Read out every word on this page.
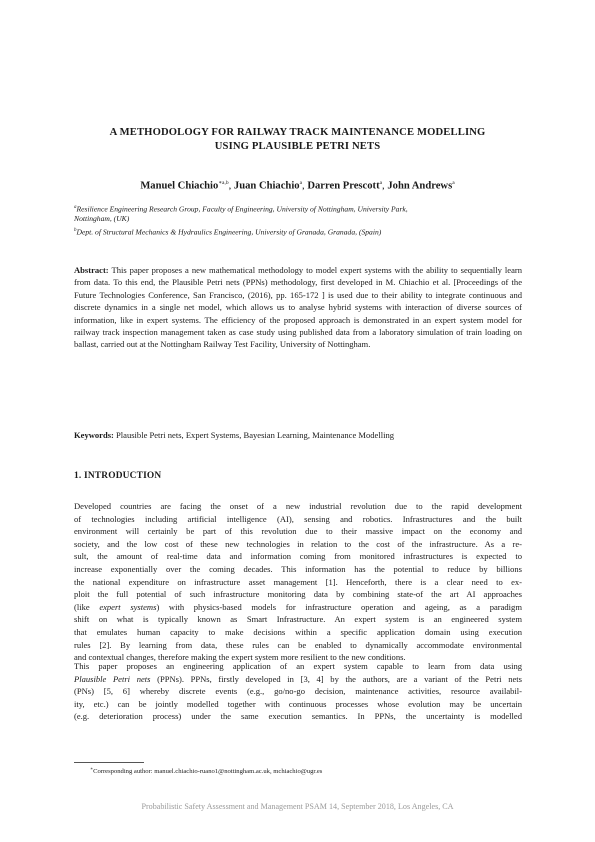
A METHODOLOGY FOR RAILWAY TRACK MAINTENANCE MODELLING
USING PLAUSIBLE PETRI NETS
Manuel Chiachio$^{∗a,b}$, Juan Chiachio$^a$, Darren Prescott$^a$, John Andrews$^a$
$^a$Resilience Engineering Research Group, Faculty of Engineering, University of Nottingham, University Park,
Nottingham, (UK)
$^b$Dept. of Structural Mechanics & Hydraulics Engineering, University of Granada, Granada, (Spain)
Abstract: This paper proposes a new mathematical methodology to model expert systems with the ability to sequentially learn from data. To this end, the Plausible Petri nets (PPNs) methodology, first developed in M. Chiachio et al. [Proceedings of the Future Technologies Conference, San Francisco, (2016), pp. 165-172 ] is used due to their ability to integrate continuous and discrete dynamics in a single net model, which allows us to analyse hybrid systems with interaction of diverse sources of information, like in expert systems. The efficiency of the proposed approach is demonstrated in an expert system model for railway track inspection management taken as case study using published data from a laboratory simulation of train loading on ballast, carried out at the Nottingham Railway Test Facility, University of Nottingham.
Keywords: Plausible Petri nets, Expert Systems, Bayesian Learning, Maintenance Modelling
1. INTRODUCTION
Developed countries are facing the onset of a new industrial revolution due to the rapid development
of technologies including artificial intelligence (AI), sensing and robotics. Infrastructures and the built
environment will certainly be part of this revolution due to their massive impact on the economy and
society, and the low cost of these new technologies in relation to the cost of the infrastructure. As a re-
sult, the amount of real-time data and information coming from monitored infrastructures is expected to
increase exponentially over the coming decades. This information has the potential to reduce by billions
the national expenditure on infrastructure asset management [1]. Henceforth, there is a clear need to ex-
ploit the full potential of such infrastructure monitoring data by combining state-of the art AI approaches
(like expert systems) with physics-based models for infrastructure operation and ageing, as a paradigm
shift on what is typically known as Smart Infrastructure. An expert system is an engineered system
that emulates human capacity to make decisions within a specific application domain using execution
rules [2]. By learning from data, these rules can be enabled to dynamically accommodate environmental
and contextual changes, therefore making the expert system more resilient to the new conditions.
This paper proposes an engineering application of an expert system capable to learn from data using
Plausible Petri nets (PPNs). PPNs, firstly developed in [3, 4] by the authors, are a variant of the Petri nets
(PNs) [5, 6] whereby discrete events (e.g., go/no-go decision, maintenance activities, resource availabil-
ity, etc.) can be jointly modelled together with continuous processes whose evolution may be uncertain
(e.g. deterioration process) under the same execution semantics. In PPNs, the uncertainty is modelled
∗Corresponding author: manuel.chiachio-ruano1@nottingham.ac.uk, mchiachio@ugr.es
Probabilistic Safety Assessment and Management PSAM 14, September 2018, Los Angeles, CA
